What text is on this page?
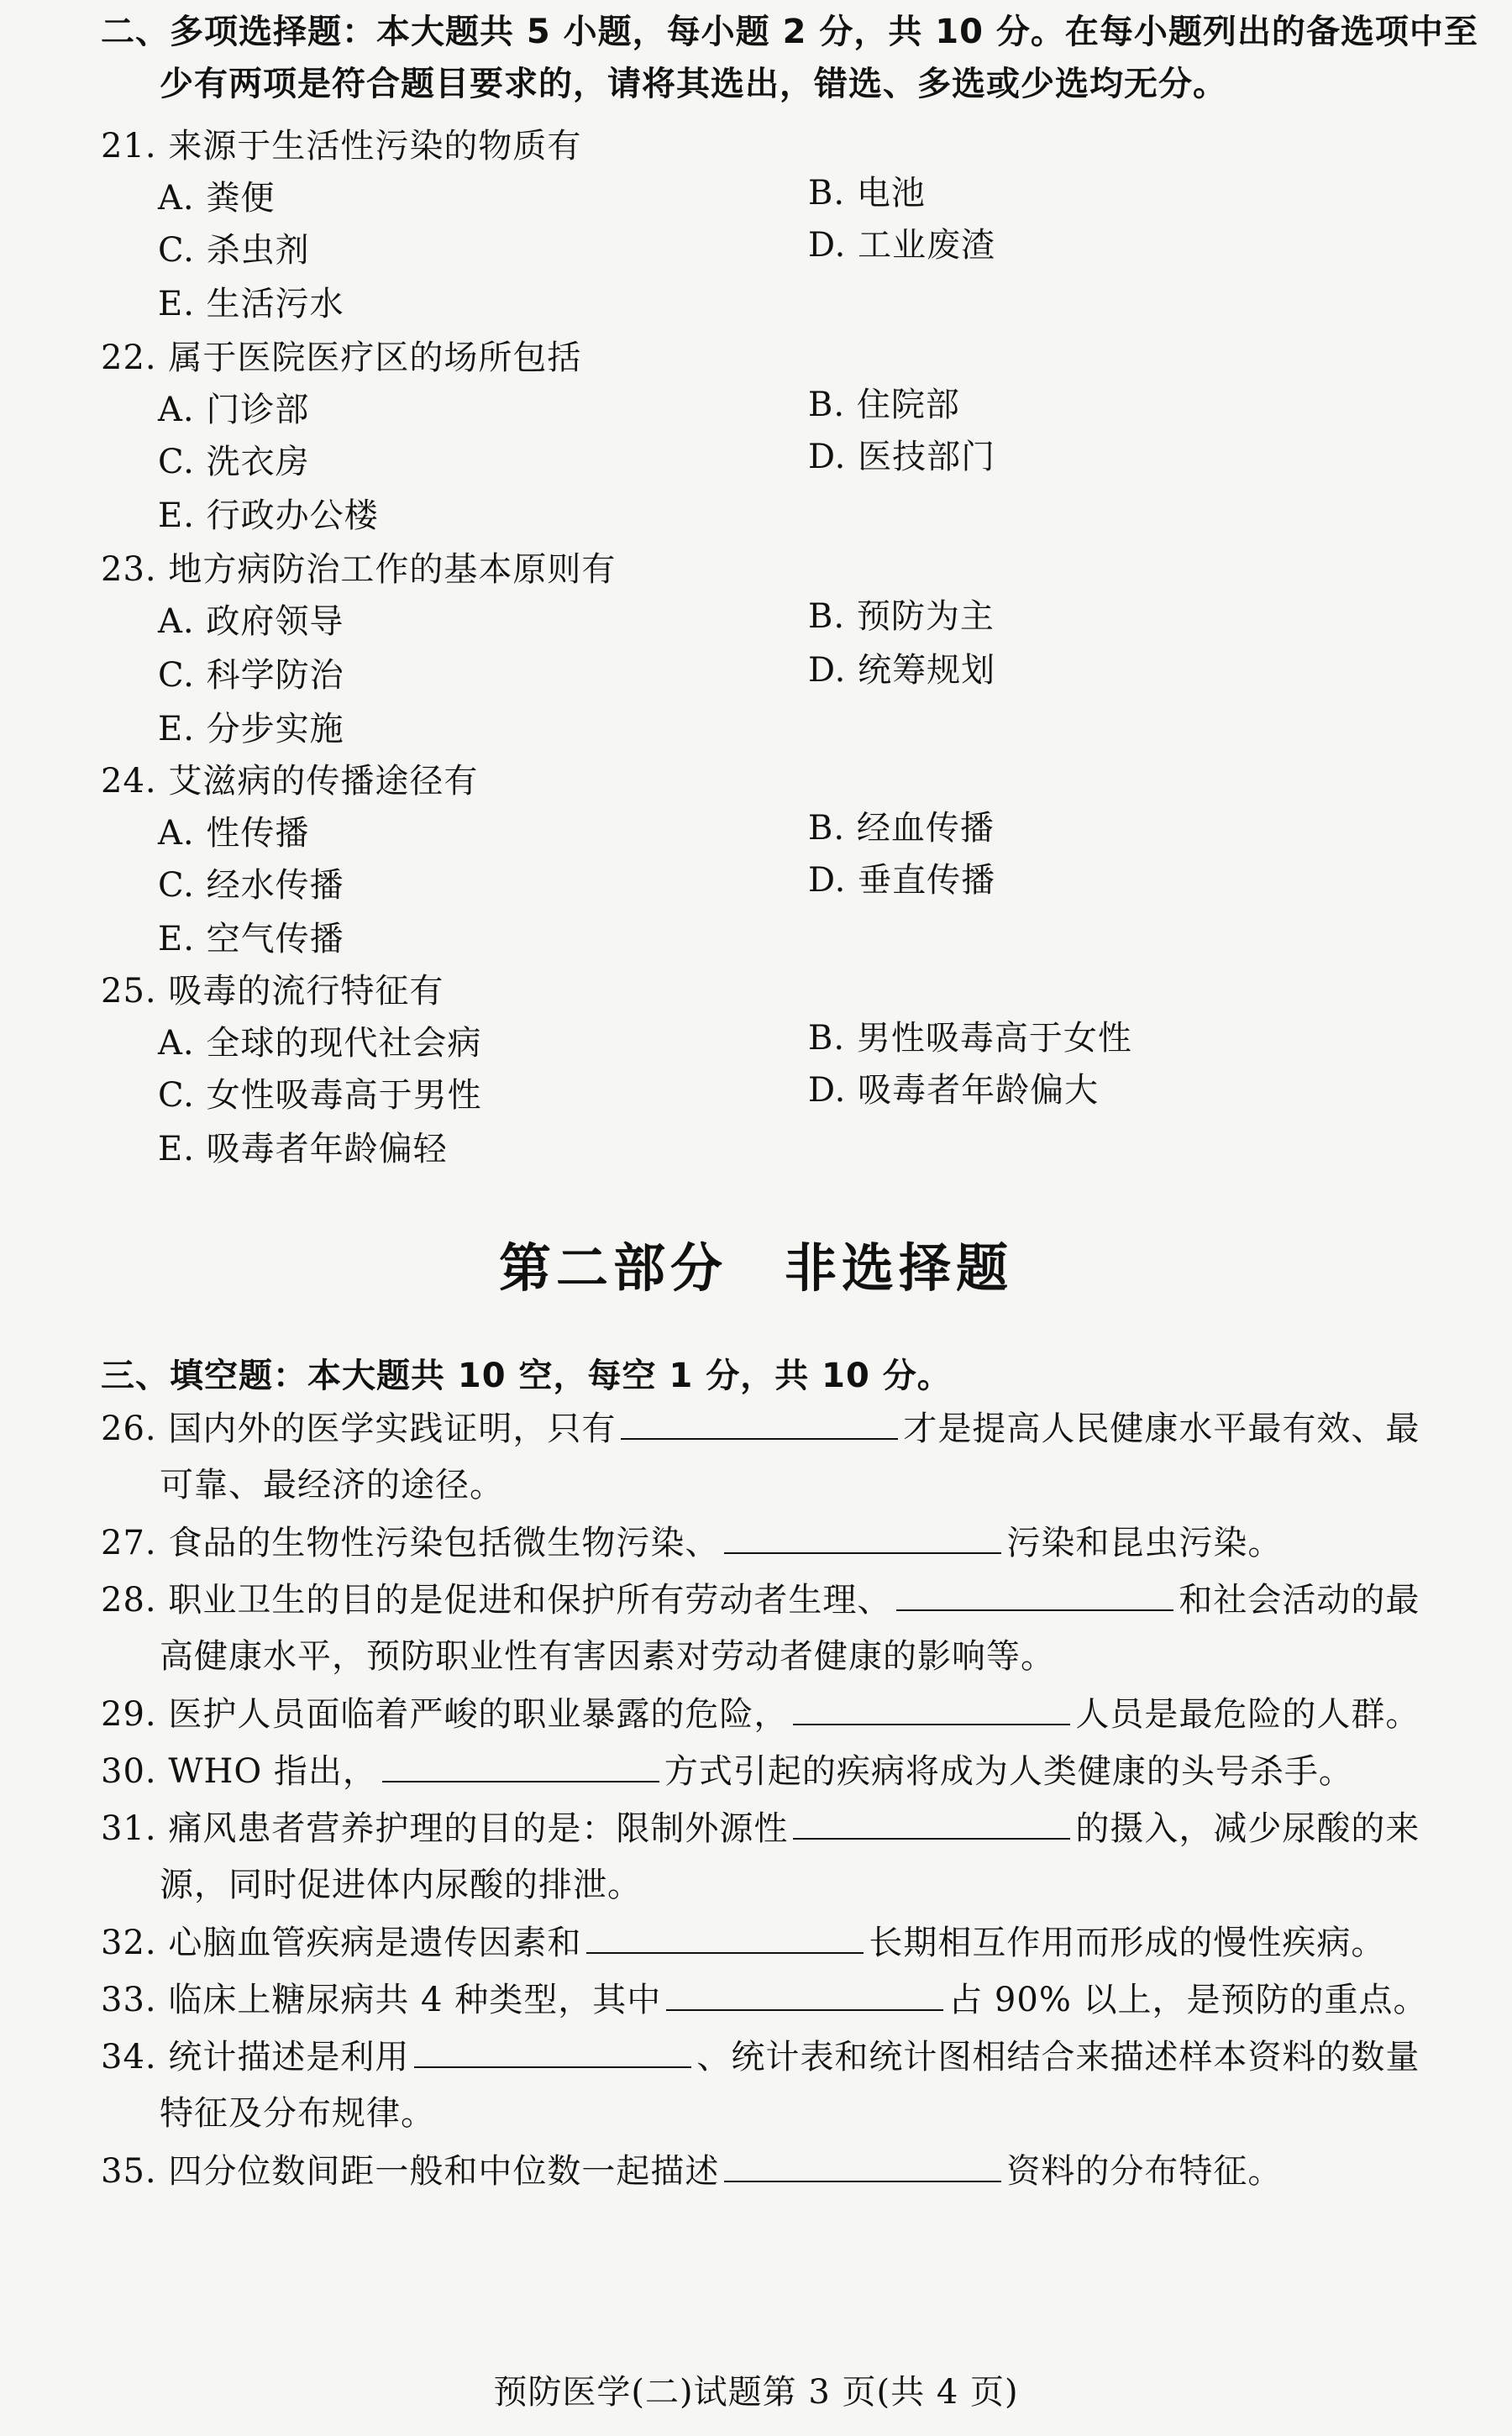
二、多项选择题：本大题共 5 小题，每小题 2 分，共 10 分。在每小题列出的备选项中至
少有两项是符合题目要求的，请将其选出，错选、多选或少选均无分。
21. 来源于生活性污染的物质有
A. 粪便	B. 电池
C. 杀虫剂	D. 工业废渣
E. 生活污水
22. 属于医院医疗区的场所包括
A. 门诊部	B. 住院部
C. 洗衣房	D. 医技部门
E. 行政办公楼
23. 地方病防治工作的基本原则有
A. 政府领导	B. 预防为主
C. 科学防治	D. 统筹规划
E. 分步实施
24. 艾滋病的传播途径有
A. 性传播	B. 经血传播
C. 经水传播	D. 垂直传播
E. 空气传播
25. 吸毒的流行特征有
A. 全球的现代社会病	B. 男性吸毒高于女性
C. 女性吸毒高于男性	D. 吸毒者年龄偏大
E. 吸毒者年龄偏轻
第二部分　非选择题
三、填空题：本大题共 10 空，每空 1 分，共 10 分。
26. 国内外的医学实践证明，只有	才是提高人民健康水平最有效、最
可靠、最经济的途径。
27. 食品的生物性污染包括微生物污染、	污染和昆虫污染。
28. 职业卫生的目的是促进和保护所有劳动者生理、	和社会活动的最
高健康水平，预防职业性有害因素对劳动者健康的影响等。
29. 医护人员面临着严峻的职业暴露的危险，	人员是最危险的人群。
30. WHO 指出，	方式引起的疾病将成为人类健康的头号杀手。
31. 痛风患者营养护理的目的是：限制外源性	的摄入，减少尿酸的来
源，同时促进体内尿酸的排泄。
32. 心脑血管疾病是遗传因素和	长期相互作用而形成的慢性疾病。
33. 临床上糖尿病共 4 种类型，其中	占 90% 以上，是预防的重点。
34. 统计描述是利用	、统计表和统计图相结合来描述样本资料的数量
特征及分布规律。
35. 四分位数间距一般和中位数一起描述	资料的分布特征。
预防医学(二)试题第 3 页(共 4 页)
